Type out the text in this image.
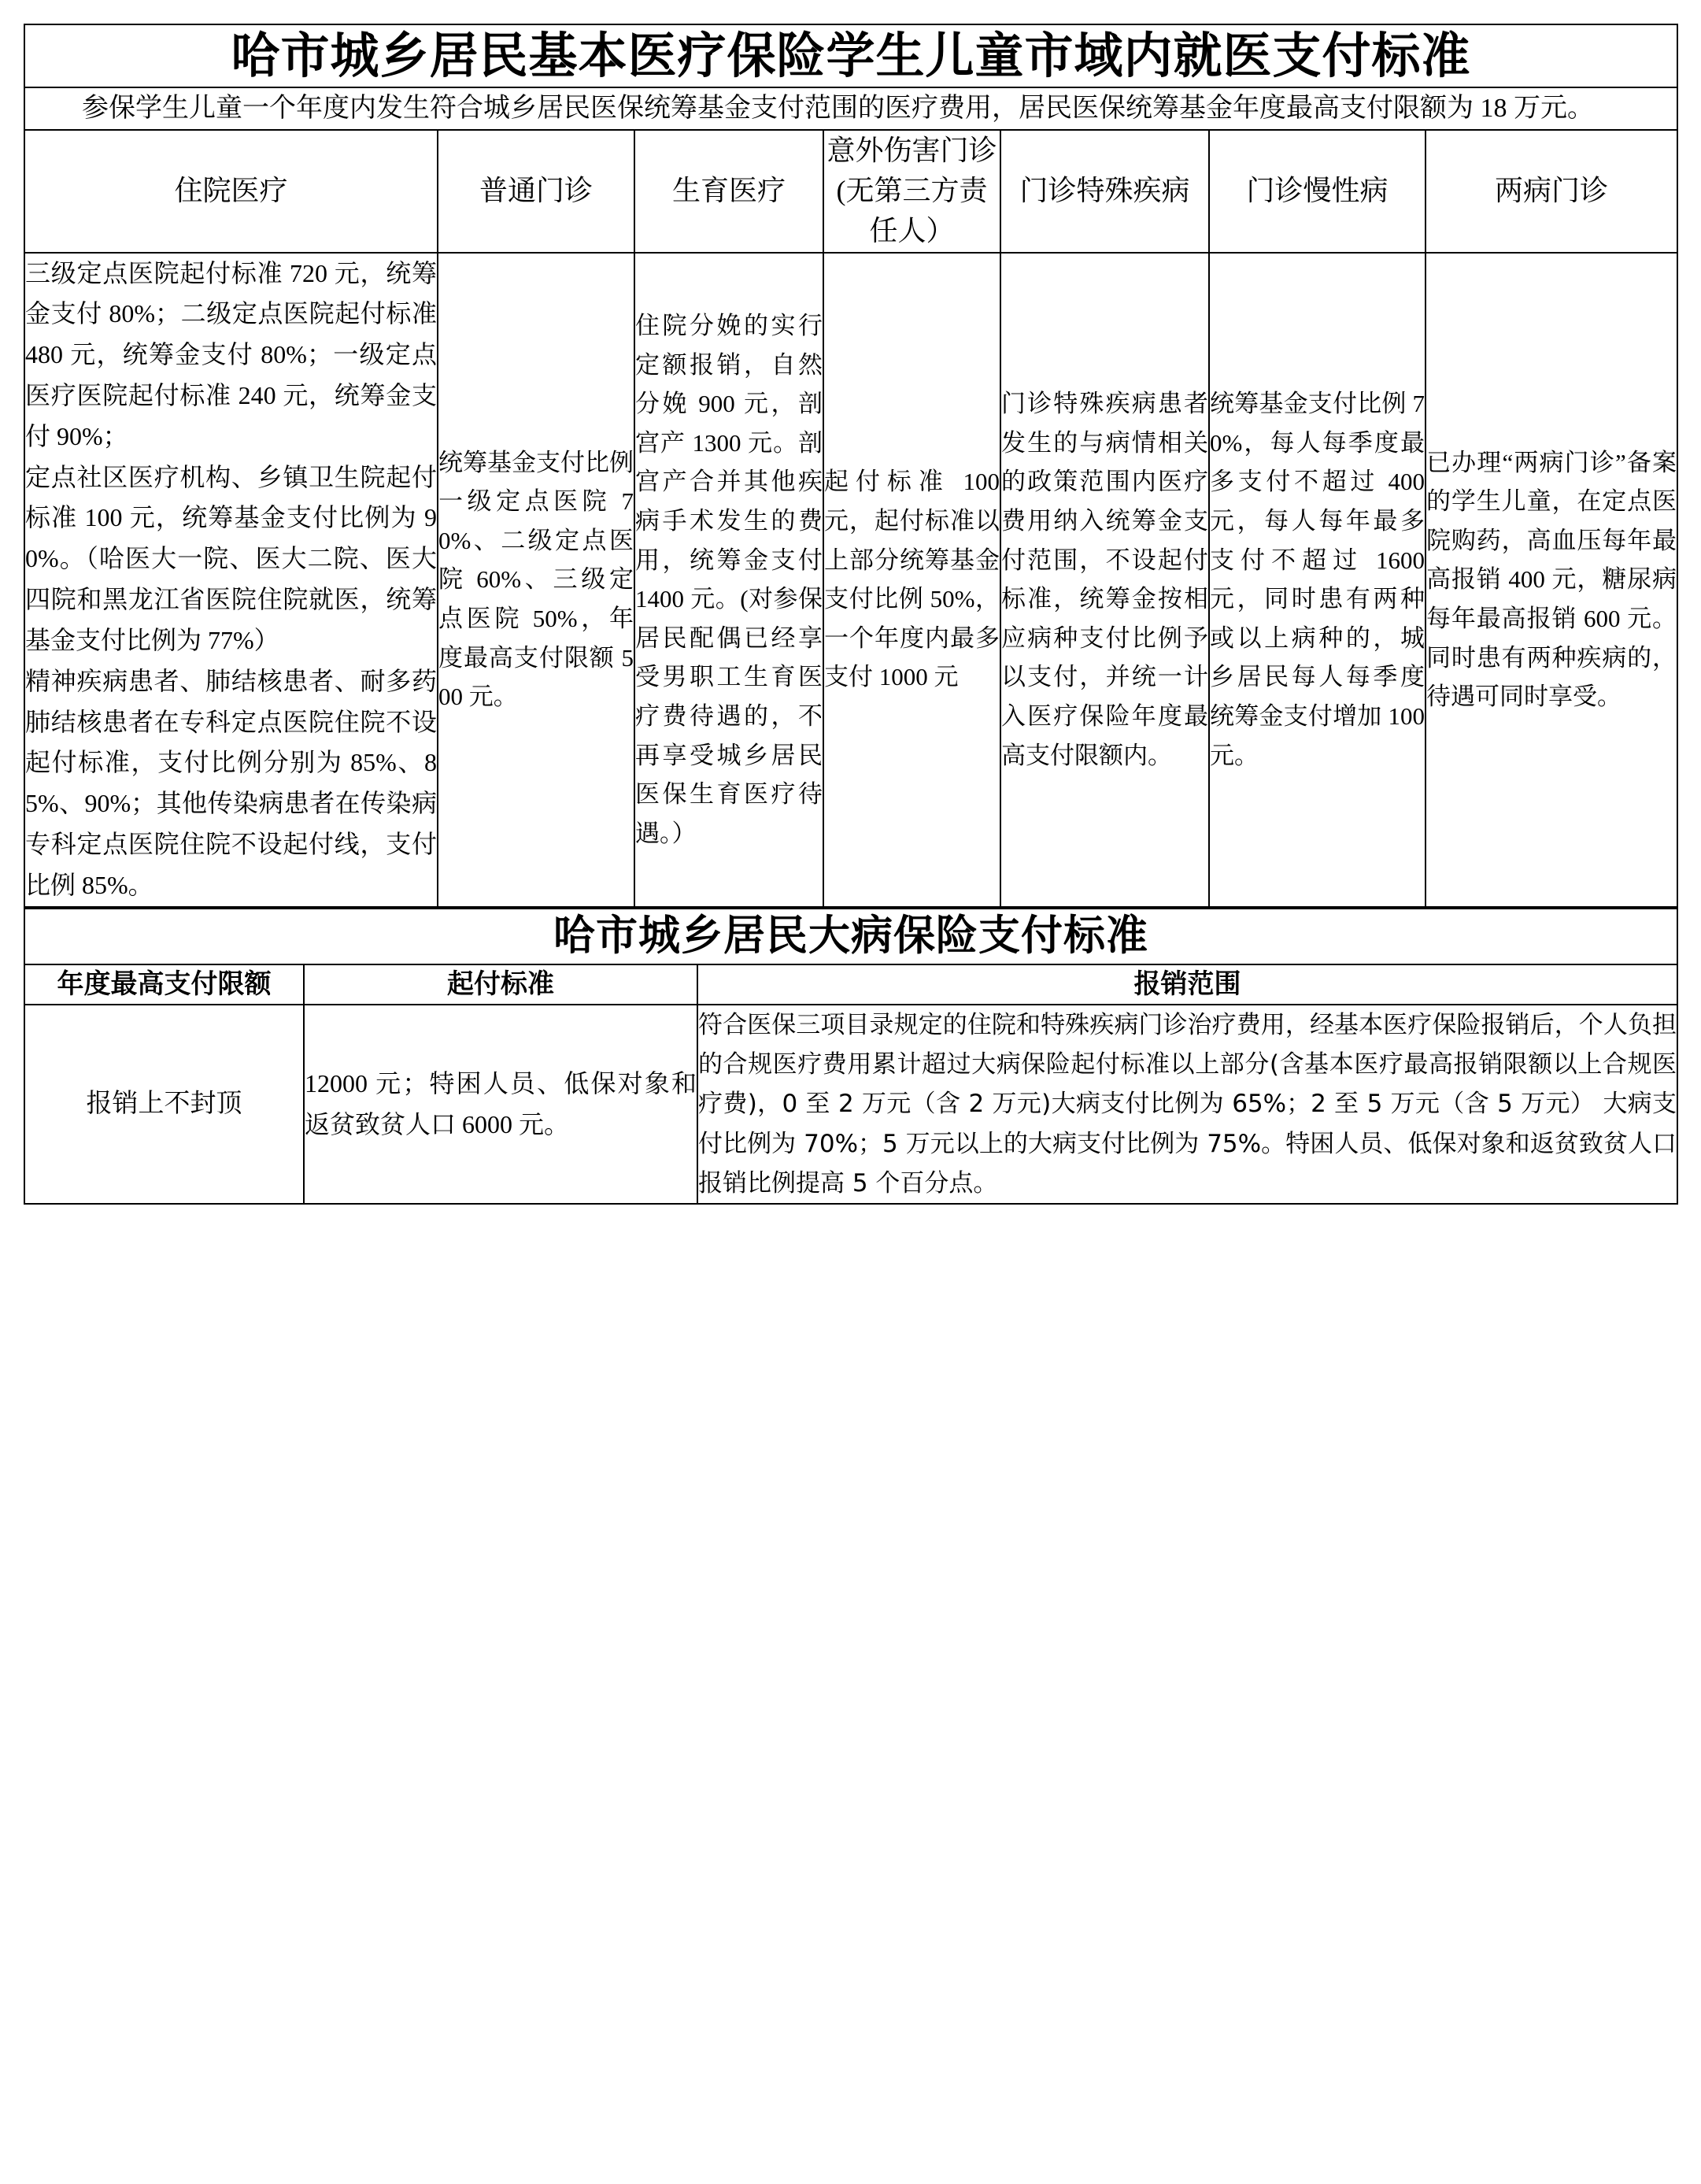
哈市城乡居民基本医疗保险学生儿童市域内就医支付标准						

参保学生儿童一个年度内发生符合城乡居民医保统筹基金支付范围的医疗费用，居民医保统筹基金年度最高支付限额为 18 万元。						

住院医疗	普通门诊	生育医疗	意外伤害门诊(无第三方责任人）	门诊特殊疾病	门诊慢性病	两病门诊

三级定点医院起付标准 720 元，统筹金支付 80%；二级定点医院起付标准 480 元，统筹金支付 80%；一级定点医疗医院起付标准 240 元，统筹金支付 90%；
定点社区医疗机构、乡镇卫生院起付标准 100 元，统筹基金支付比例为 90%。（哈医大一院、医大二院、医大四院和黑龙江省医院住院就医，统筹基金支付比例为 77%）
精神疾病患者、肺结核患者、耐多药肺结核患者在专科定点医院住院不设起付标准，支付比例分别为 85%、85%、90%；其他传染病患者在传染病专科定点医院住院不设起付线，支付比例 85%。	统筹基金支付比例一级定点医院 70%、二级定点医院 60%、三级定点医院 50%，年度最高支付限额 500 元。	住院分娩的实行定额报销，自然分娩 900 元，剖宫产 1300 元。剖宫产合并其他疾病手术发生的费用，统筹金支付 1400 元。(对参保居民配偶已经享受男职工生育医疗费待遇的，不再享受城乡居民医保生育医疗待遇。）	起付标准 100 元，起付标准以上部分统筹基金支付比例 50%，一个年度内最多支付 1000 元	门诊特殊疾病患者发生的与病情相关的政策范围内医疗费用纳入统筹金支付范围，不设起付标准，统筹金按相应病种支付比例予以支付，并统一计入医疗保险年度最高支付限额内。	统筹基金支付比例 70%，每人每季度最多支付不超过 400 元，每人每年最多支付不超过 1600 元，同时患有两种或以上病种的，城乡居民每人每季度统筹金支付增加 100 元。	已办理“两病门诊”备案的学生儿童，在定点医院购药，高血压每年最高报销 400 元，糖尿病每年最高报销 600 元。同时患有两种疾病的，待遇可同时享受。
哈市城乡居民大病保险支付标准		

年度最高支付限额	起付标准	报销范围

报销上不封顶	12000 元；特困人员、低保对象和返贫致贫人口 6000 元。	符合医保三项目录规定的住院和特殊疾病门诊治疗费用，经基本医疗保险报销后，个人负担的合规医疗费用累计超过大病保险起付标准以上部分(含基本医疗最高报销限额以上合规医疗费)，0 至 2 万元（含 2 万元)大病支付比例为 65%；2 至 5 万元（含 5 万元） 大病支付比例为 70%；5 万元以上的大病支付比例为 75%。特困人员、低保对象和返贫致贫人口报销比例提高 5 个百分点。
